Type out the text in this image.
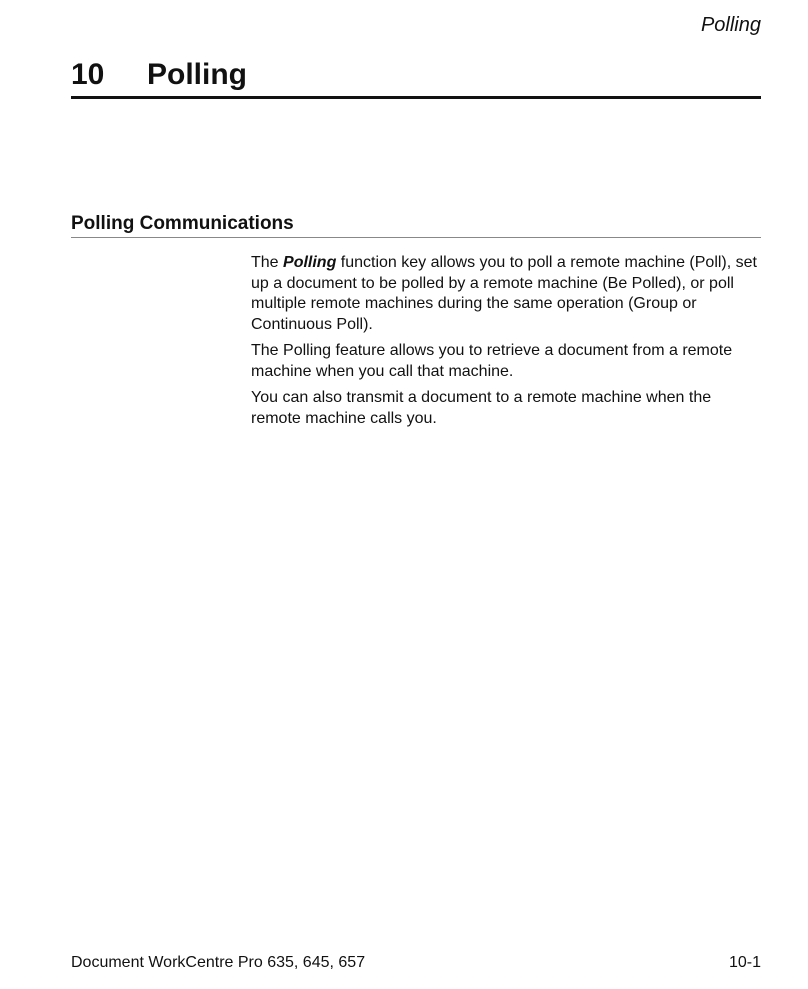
Polling
10 Polling
Polling Communications

The Polling function key allows you to poll a remote machine (Poll), set up a document to be polled by a remote machine (Be Polled), or poll multiple remote machines during the same operation (Group or Continuous Poll).

The Polling feature allows you to retrieve a document from a remote machine when you call that machine.

You can also transmit a document to a remote machine when the remote machine calls you.

Document WorkCentre Pro 635, 645, 657	10-1
